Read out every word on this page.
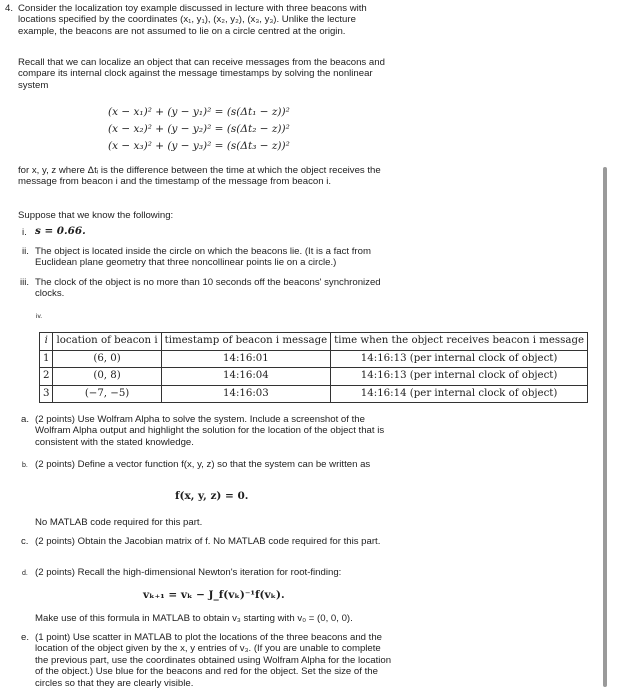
4. Consider the localization toy example discussed in lecture with three beacons with locations specified by the coordinates (x₁, y₁), (x₂, y₂), (x₃, y₃). Unlike the lecture example, the beacons are not assumed to lie on a circle centred at the origin.
Recall that we can localize an object that can receive messages from the beacons and compare its internal clock against the message timestamps by solving the nonlinear system
(x − x₁)² + (y − y₁)² = (s(Δt₁ − z))²
(x − x₂)² + (y − y₂)² = (s(Δt₂ − z))²
(x − x₃)² + (y − y₃)² = (s(Δt₃ − z))²
for x, y, z where Δtᵢ is the difference between the time at which the object receives the message from beacon i and the timestamp of the message from beacon i.
Suppose that we know the following:
i. s = 0.66.
ii. The object is located inside the circle on which the beacons lie. (It is a fact from Euclidean plane geometry that three noncollinear points lie on a circle.)
iii. The clock of the object is no more than 10 seconds off the beacons' synchronized clocks.
iv.
i	location of beacon i	timestamp of beacon i message	time when the object receives beacon i message
1	(6, 0)	14:16:01	14:16:13 (per internal clock of object)
2	(0, 8)	14:16:04	14:16:13 (per internal clock of object)
3	(−7, −5)	14:16:03	14:16:14 (per internal clock of object)
a. (2 points) Use Wolfram Alpha to solve the system. Include a screenshot of the Wolfram Alpha output and highlight the solution for the location of the object that is consistent with the stated knowledge.
b. (2 points) Define a vector function f(x, y, z) so that the system can be written as
f(x, y, z) = 0.
No MATLAB code required for this part.
c. (2 points) Obtain the Jacobian matrix of f. No MATLAB code required for this part.
d. (2 points) Recall the high-dimensional Newton's iteration for root-finding:
vₖ₊₁ = vₖ − J_f(vₖ)⁻¹f(vₖ).
Make use of this formula in MATLAB to obtain v₃ starting with v₀ = (0, 0, 0).
e. (1 point) Use scatter in MATLAB to plot the locations of the three beacons and the location of the object given by the x, y entries of v₃. (If you are unable to complete the previous part, use the coordinates obtained using Wolfram Alpha for the location of the object.) Use blue for the beacons and red for the object. Set the size of the circles so that they are clearly visible.
